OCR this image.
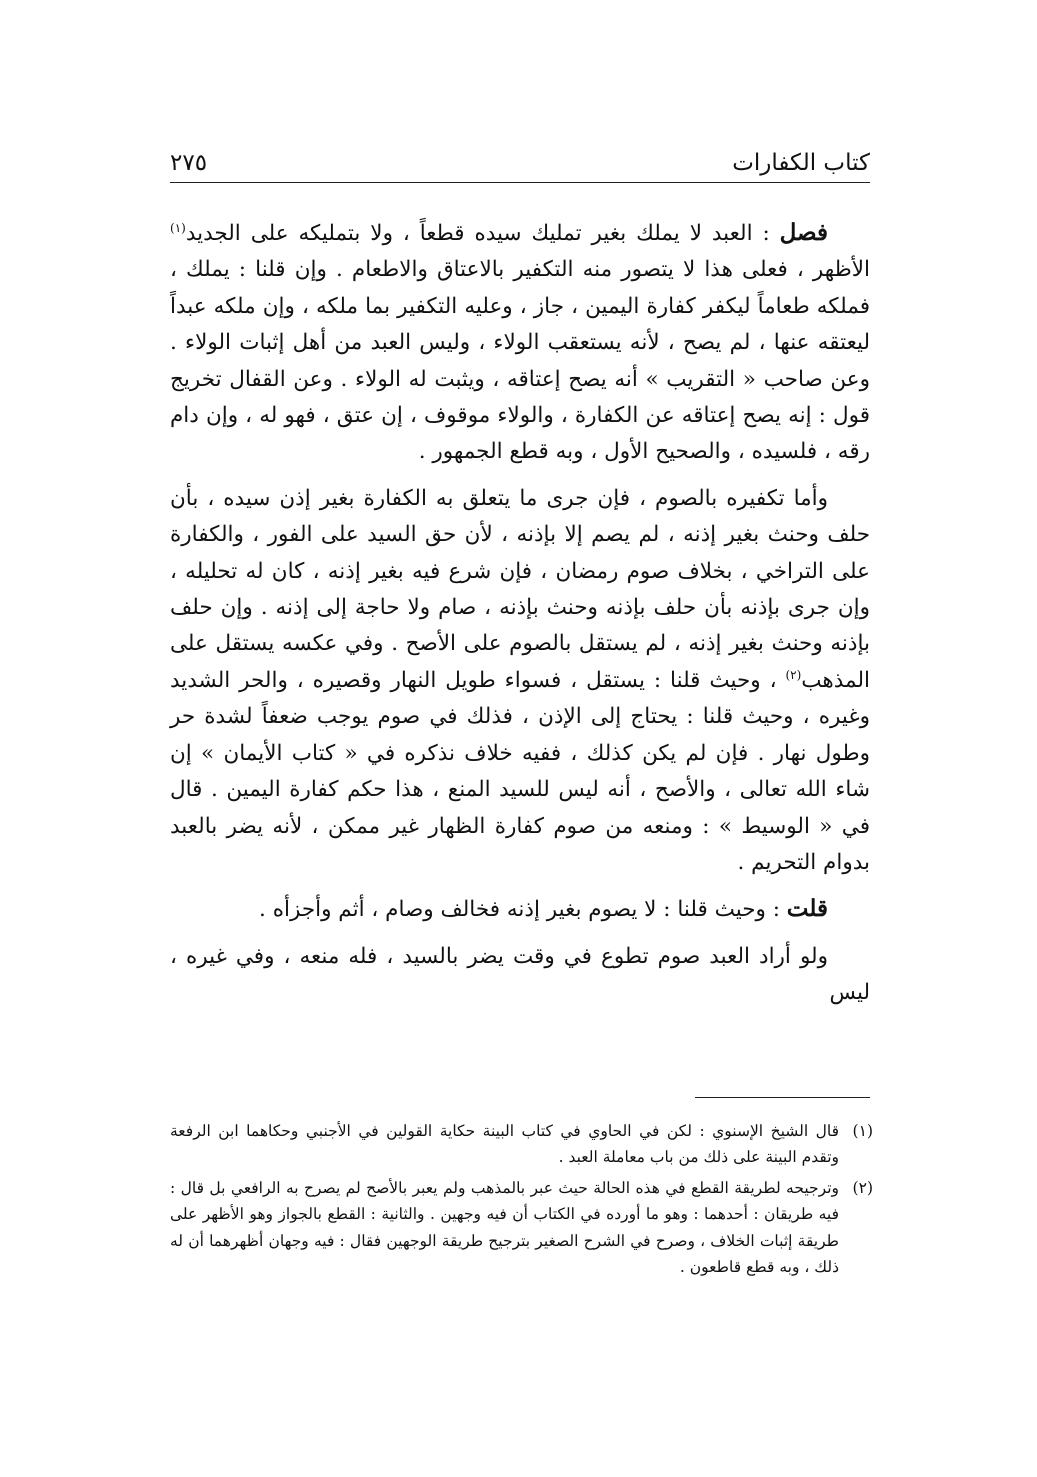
كتاب الكفارات
٢٧٥

فصل : العبد لا يملك بغير تمليك سيده قطعاً ، ولا بتمليكه على الجديد$^{(١)}$ الأظهر ، فعلى هذا لا يتصور منه التكفير بالاعتاق والاطعام . وإن قلنا : يملك ، فملكه طعاماً ليكفر كفارة اليمين ، جاز ، وعليه التكفير بما ملكه ، وإن ملكه عبداً ليعتقه عنها ، لم يصح ، لأنه يستعقب الولاء ، وليس العبد من أهل إثبات الولاء . وعن صاحب « التقريب » أنه يصح إعتاقه ، ويثبت له الولاء . وعن القفال تخريج قول : إنه يصح إعتاقه عن الكفارة ، والولاء موقوف ، إن عتق ، فهو له ، وإن دام رقه ، فلسيده ، والصحيح الأول ، وبه قطع الجمهور .

وأما تكفيره بالصوم ، فإن جرى ما يتعلق به الكفارة بغير إذن سيده ، بأن حلف وحنث بغير إذنه ، لم يصم إلا بإذنه ، لأن حق السيد على الفور ، والكفارة على التراخي ، بخلاف صوم رمضان ، فإن شرع فيه بغير إذنه ، كان له تحليله ، وإن جرى بإذنه بأن حلف بإذنه وحنث بإذنه ، صام ولا حاجة إلى إذنه . وإن حلف بإذنه وحنث بغير إذنه ، لم يستقل بالصوم على الأصح . وفي عكسه يستقل على المذهب$^{(٢)}$ ، وحيث قلنا : يستقل ، فسواء طويل النهار وقصيره ، والحر الشديد وغيره ، وحيث قلنا : يحتاج إلى الإذن ، فذلك في صوم يوجب ضعفاً لشدة حر وطول نهار . فإن لم يكن كذلك ، ففيه خلاف نذكره في « كتاب الأيمان » إن شاء الله تعالى ، والأصح ، أنه ليس للسيد المنع ، هذا حكم كفارة اليمين . قال في « الوسيط » : ومنعه من صوم كفارة الظهار غير ممكن ، لأنه يضر بالعبد بدوام التحريم .

قلت : وحيث قلنا : لا يصوم بغير إذنه فخالف وصام ، أثم وأجزأه .

ولو أراد العبد صوم تطوع في وقت يضر بالسيد ، فله منعه ، وفي غيره ، ليس

(١)
قال الشيخ الإسنوي : لكن في الحاوي في كتاب البينة حكاية القولين في الأجنبي وحكاهما ابن الرفعة وتقدم البينة على ذلك من باب معاملة العبد .
(٢)
وترجيحه لطريقة القطع في هذه الحالة حيث عبر بالمذهب ولم يعبر بالأصح لم يصرح به الرافعي بل قال : فيه طريقان : أحدهما : وهو ما أورده في الكتاب أن فيه وجهين . والثانية : القطع بالجواز وهو الأظهر على طريقة إثبات الخلاف ، وصرح في الشرح الصغير بترجيح طريقة الوجهين فقال : فيه وجهان أظهرهما أن له ذلك ، وبه قطع قاطعون .
